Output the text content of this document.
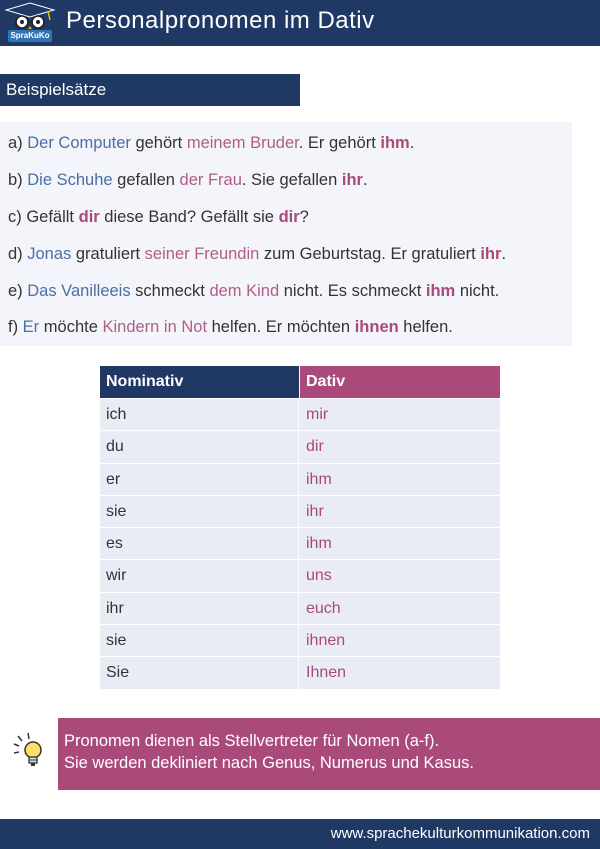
SpraKuKo
Personalpronomen im Dativ
Beispielsätze
a) Der Computer gehört meinem Bruder. Er gehört ihm.
b) Die Schuhe gefallen der Frau. Sie gefallen ihr.
c) Gefällt dir diese Band? Gefällt sie dir?
d) Jonas gratuliert seiner Freundin zum Geburtstag. Er gratuliert ihr.
e) Das Vanilleeis schmeckt dem Kind nicht. Es schmeckt ihm nicht.
f) Er möchte Kindern in Not helfen. Er möchten ihnen helfen.
Nominativ	Dativ
ich	mir
du	dir
er	ihm
sie	ihr
es	ihm
wir	uns
ihr	euch
sie	ihnen
Sie	Ihnen
Pronomen dienen als Stellvertreter für Nomen (a-f).
Sie werden dekliniert nach Genus, Numerus und Kasus.
www.sprachekulturkommunikation.com
